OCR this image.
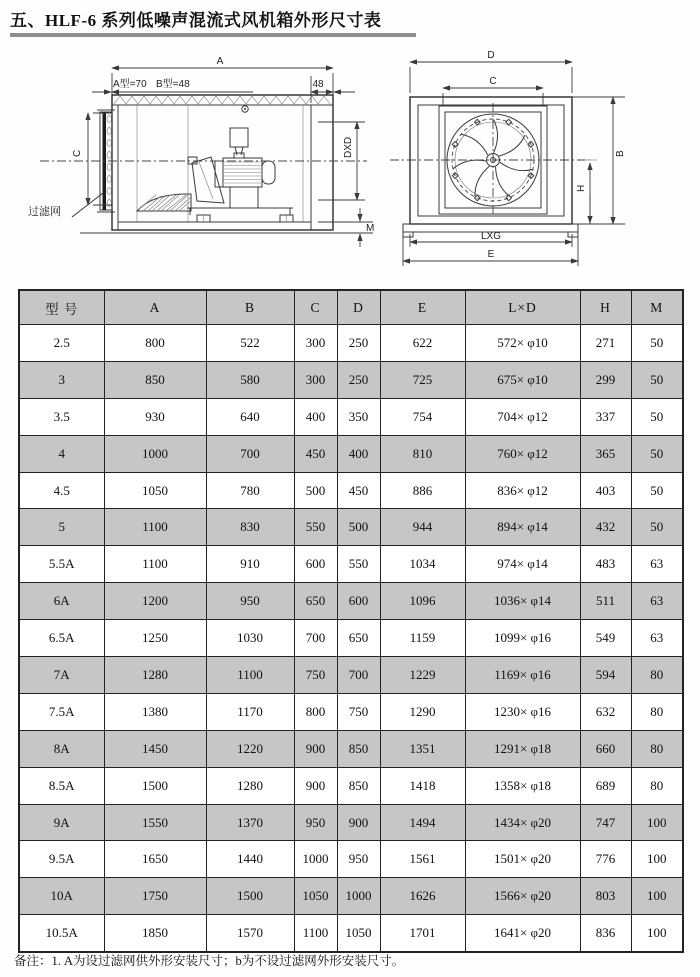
五、HLF-6 系列低噪声混流式风机箱外形尺寸表
A
A型=70 B型=48	48
过滤网
C	DXD
M
D
C
B
H
LXG
E
型 号	A	B	C	D	E	L×D	H	M
2.5	800	522	300	250	622	572× φ10	271	50
3	850	580	300	250	725	675× φ10	299	50
3.5	930	640	400	350	754	704× φ12	337	50
4	1000	700	450	400	810	760× φ12	365	50
4.5	1050	780	500	450	886	836× φ12	403	50
5	1100	830	550	500	944	894× φ14	432	50
5.5A	1100	910	600	550	1034	974× φ14	483	63
6A	1200	950	650	600	1096	1036× φ14	511	63
6.5A	1250	1030	700	650	1159	1099× φ16	549	63
7A	1280	1100	750	700	1229	1169× φ16	594	80
7.5A	1380	1170	800	750	1290	1230× φ16	632	80
8A	1450	1220	900	850	1351	1291× φ18	660	80
8.5A	1500	1280	900	850	1418	1358× φ18	689	80
9A	1550	1370	950	900	1494	1434× φ20	747	100
9.5A	1650	1440	1000	950	1561	1501× φ20	776	100
10A	1750	1500	1050	1000	1626	1566× φ20	803	100
10.5A	1850	1570	1100	1050	1701	1641× φ20	836	100
备注：1. A为设过滤网供外形安装尺寸；b为不设过滤网外形安装尺寸。
